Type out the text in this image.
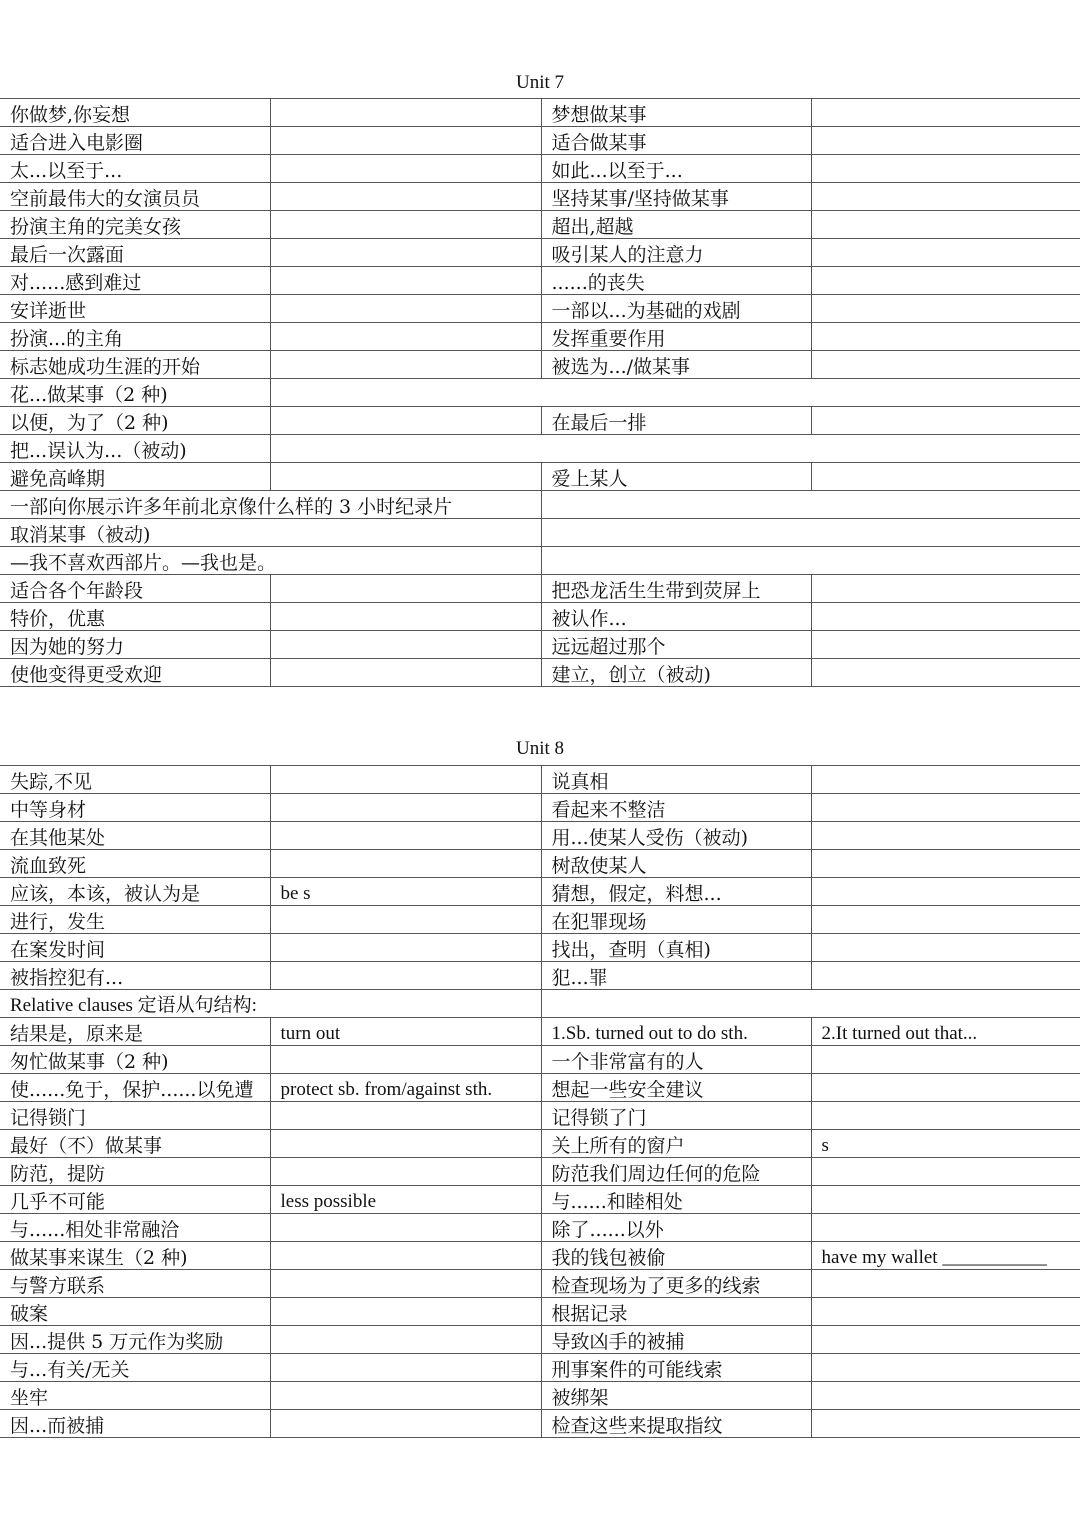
Unit 7
你做梦,你妄想		梦想做某事	
适合进入电影圈		适合做某事	
太...以至于...		如此...以至于...	
空前最伟大的女演员员		坚持某事/坚持做某事	
扮演主角的完美女孩		超出,超越	
最后一次露面		吸引某人的注意力	
对......感到难过		......的丧失	
安详逝世		一部以...为基础的戏剧	
扮演...的主角		发挥重要作用	
标志她成功生涯的开始		被选为.../做某事	
花...做某事（2 种)			
以便，为了（2 种)		在最后一排	
把...误认为...（被动)			
避免高峰期		爱上某人	
一部向你展示许多年前北京像什么样的 3 小时纪录片			
取消某事（被动)			
—我不喜欢西部片。—我也是。			
适合各个年龄段		把恐龙活生生带到荧屏上	
特价，优惠		被认作...	
因为她的努力		远远超过那个	
使他变得更受欢迎		建立，创立（被动)	
Unit 8
失踪,不见		说真相	
中等身材		看起来不整洁	
在其他某处		用...使某人受伤（被动)	
流血致死		树敌使某人	
应该，本该，被认为是	be s	猜想，假定，料想...	
进行，发生		在犯罪现场	
在案发时间		找出，查明（真相)	
被指控犯有...		犯...罪	
Relative clauses 定语从句结构:			
结果是，原来是	turn out	1.Sb. turned out to do sth.	2.It turned out that...
匆忙做某事（2 种)		一个非常富有的人	
使......免于，保护......以免遭	protect sb. from/against sth.	想起一些安全建议	
记得锁门		记得锁了门	
最好（不）做某事		关上所有的窗户	s
防范，提防		防范我们周边任何的危险	
几乎不可能	less possible	与......和睦相处	
与......相处非常融洽		除了......以外	
做某事来谋生（2 种)		我的钱包被偷	have my wallet ___________
与警方联系		检查现场为了更多的线索	
破案		根据记录	
因...提供 5 万元作为奖励		导致凶手的被捕	
与...有关/无关		刑事案件的可能线索	
坐牢		被绑架	
因...而被捕		检查这些来提取指纹	
